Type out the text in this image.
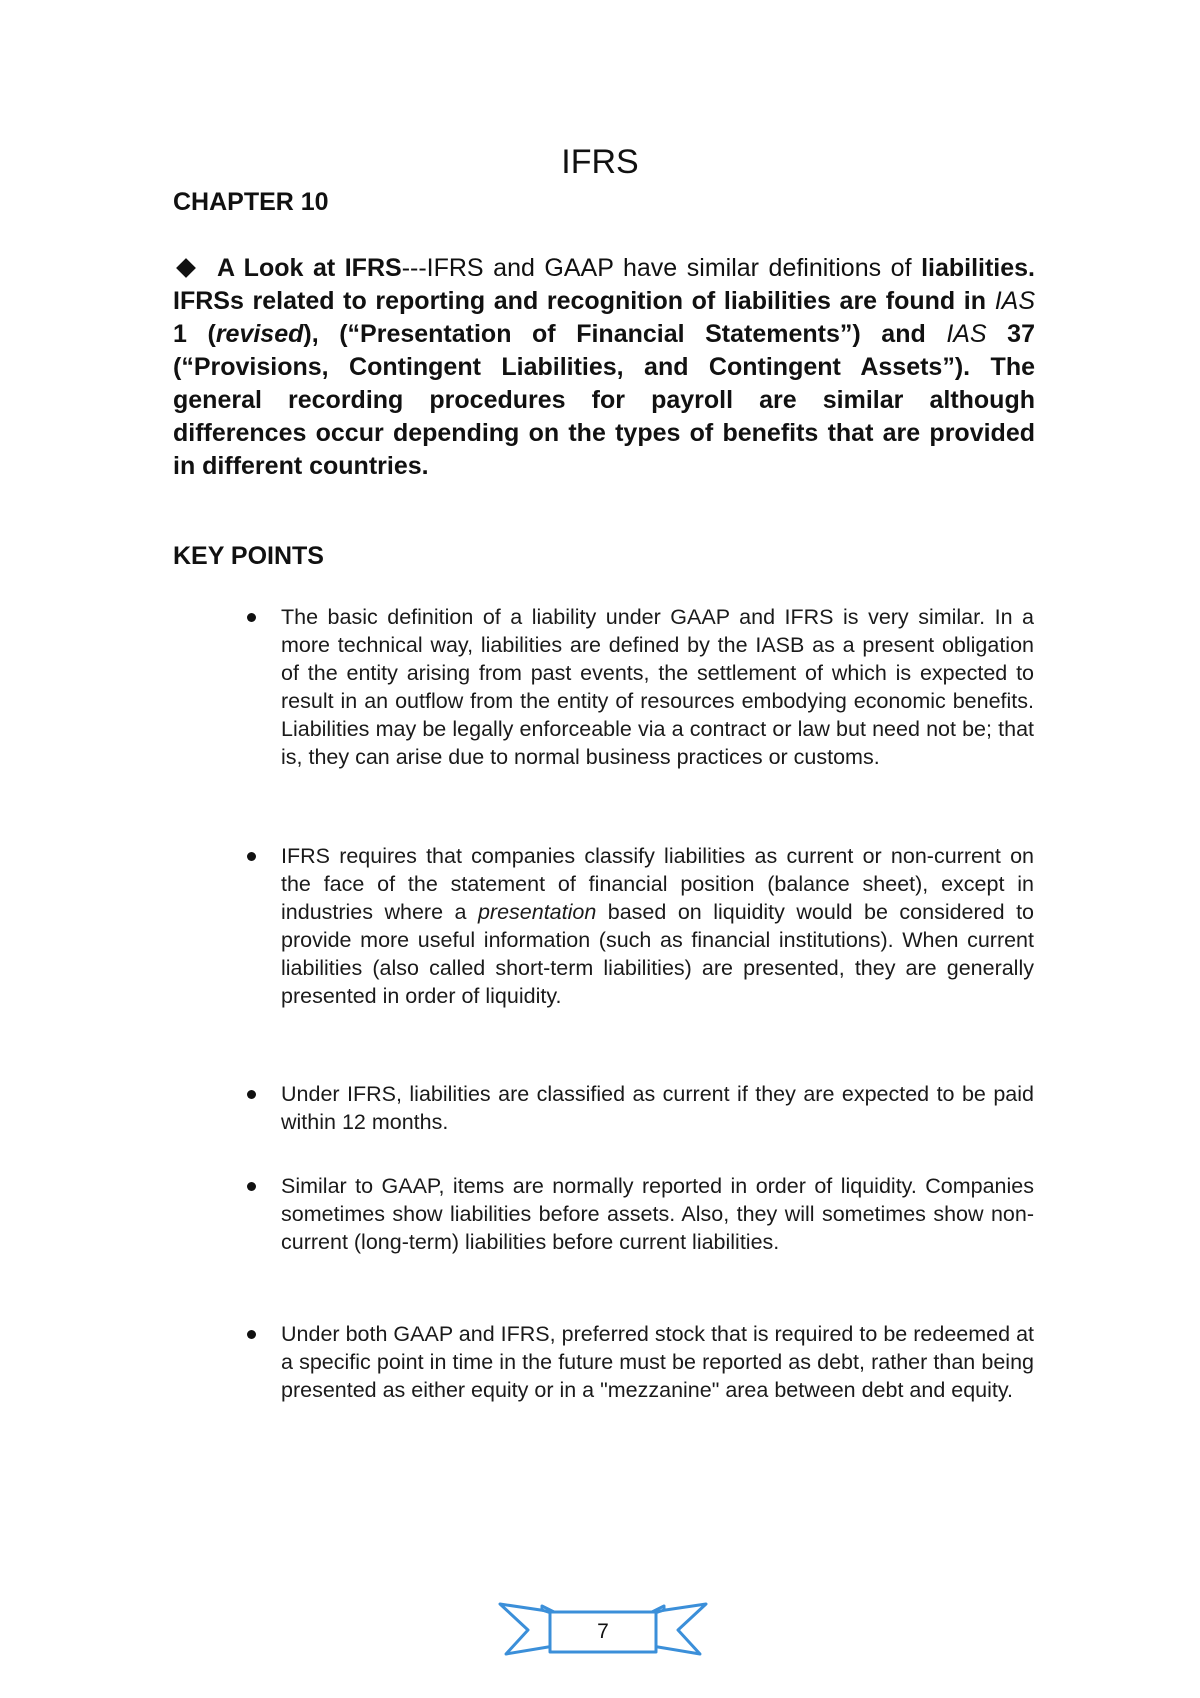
IFRS
CHAPTER 10

A Look at IFRS---IFRS and GAAP have similar definitions of liabilities. IFRSs related to reporting and recognition of liabilities are found in IAS 1 (revised), (“Presentation of Financial Statements”) and IAS 37 (“Provisions, Contingent Liabilities, and Contingent Assets”). The general recording procedures for payroll are similar although differences occur depending on the types of benefits that are provided in different countries.

KEY POINTS
The basic definition of a liability under GAAP and IFRS is very similar. In a more technical way, liabilities are defined by the IASB as a present obligation of the entity arising from past events, the settlement of which is expected to result in an outflow from the entity of resources embodying economic benefits. Liabilities may be legally enforceable via a contract or law but need not be; that is, they can arise due to normal business practices or customs.
IFRS requires that companies classify liabilities as current or non-current on the face of the statement of financial position (balance sheet), except in industries where a presentation based on liquidity would be considered to provide more useful information (such as financial institutions). When current liabilities (also called short-term liabilities) are presented, they are generally presented in order of liquidity.
Under IFRS, liabilities are classified as current if they are expected to be paid within 12 months.
Similar to GAAP, items are normally reported in order of liquidity. Companies sometimes show liabilities before assets. Also, they will sometimes show non-current (long-term) liabilities before current liabilities.
Under both GAAP and IFRS, preferred stock that is required to be redeemed at a specific point in time in the future must be reported as debt, rather than being presented as either equity or in a "mezzanine" area between debt and equity.
7
